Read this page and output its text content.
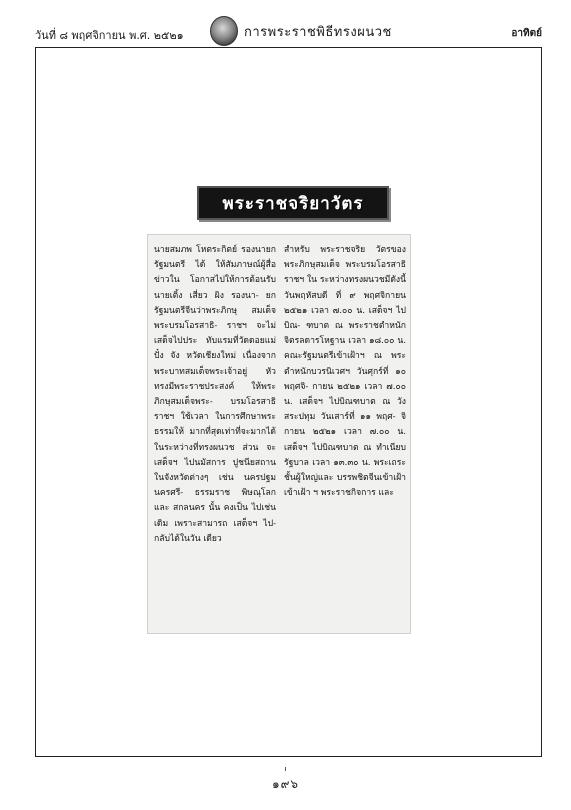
วันที่ ๘ พฤศจิกายน พ.ศ. ๒๕๒๑	การพระราชพิธีทรงผนวช	อาทิตย์
พระราชจริยาวัตร

นายสมภพ โหตระกิตย์ รองนายกรัฐมนตรี ได้ ให้สัมภาษณ์ผู้สื่อข่าวใน โอกาสไปให้การต้อนรับ นายเติ้ง เสี่ยว ผิง รองนา- ยกรัฐมนตรีจีนว่าพระภิกษุ สมเด็จพระบรมโอรสาธิ- ราชฯ จะไม่เสด็จไปประ ทับแรมที่วัดดอยแม่ปั๋ง จัง หวัดเชียงใหม่ เนื่องจาก พระบาทสมเด็จพระเจ้าอยู่ หัว ทรงมีพระราชประสงค์ ให้พระภิกษุสมเด็จพระ- บรมโอรสาธิราชฯ ใช้เวลา ในการศึกษาพระธรรมให้ มากที่สุดเท่าที่จะมากได้ ในระหว่างที่ทรงผนวช ส่วน จะเสด็จฯ ไปนมัสการ ปูชนียสถานในจังหวัดต่างๆ เช่น นครปฐม นครศรี- ธรรมราช พิษณุโลก และ สกลนคร นั้น คงเป็น ไปเช่นเดิม เพราะสามารถ เสด็จฯ ไป-กลับได้ในวัน เดียว

สำหรับ พระราชจริย วัตรของ พระภิกษุสมเด็จ พระบรมโอรสาธิราชฯ ใน ระหว่างทรงผนวชมีดังนี้ วันพฤหัสบดี ที่ ๙ พฤศจิกายน ๒๕๒๑ เวลา ๗.๐๐ น. เสด็จฯ ไปบิณ- ฑบาต ณ พระราชตำหนัก จิตรลดารโหฐาน เวลา ๑๘.๐๐ น. คณะรัฐมนตรีเข้าเฝ้าฯ ณ พระตำหนักบวรนิเวศฯ วันศุกร์ที่ ๑๐ พฤศจิ- กายน ๒๕๒๑ เวลา ๗.๐๐ น. เสด็จฯ ไปบิณฑบาต ณ วัง สระปทุม วันเสาร์ที่ ๑๑ พฤศ- จิกายน ๒๕๒๑ เวลา ๗.๐๐ น. เสด็จฯ ไปบิณฑบาต ณ ทำเนียบรัฐบาล เวลา ๑๓.๓๐ น. พระเถระชั้นผู้ใหญ่และ บรรพชิตจีนเข้าเฝ้า เข้าเฝ้า ฯ พระราชกิจการ และ

๑๙๖
